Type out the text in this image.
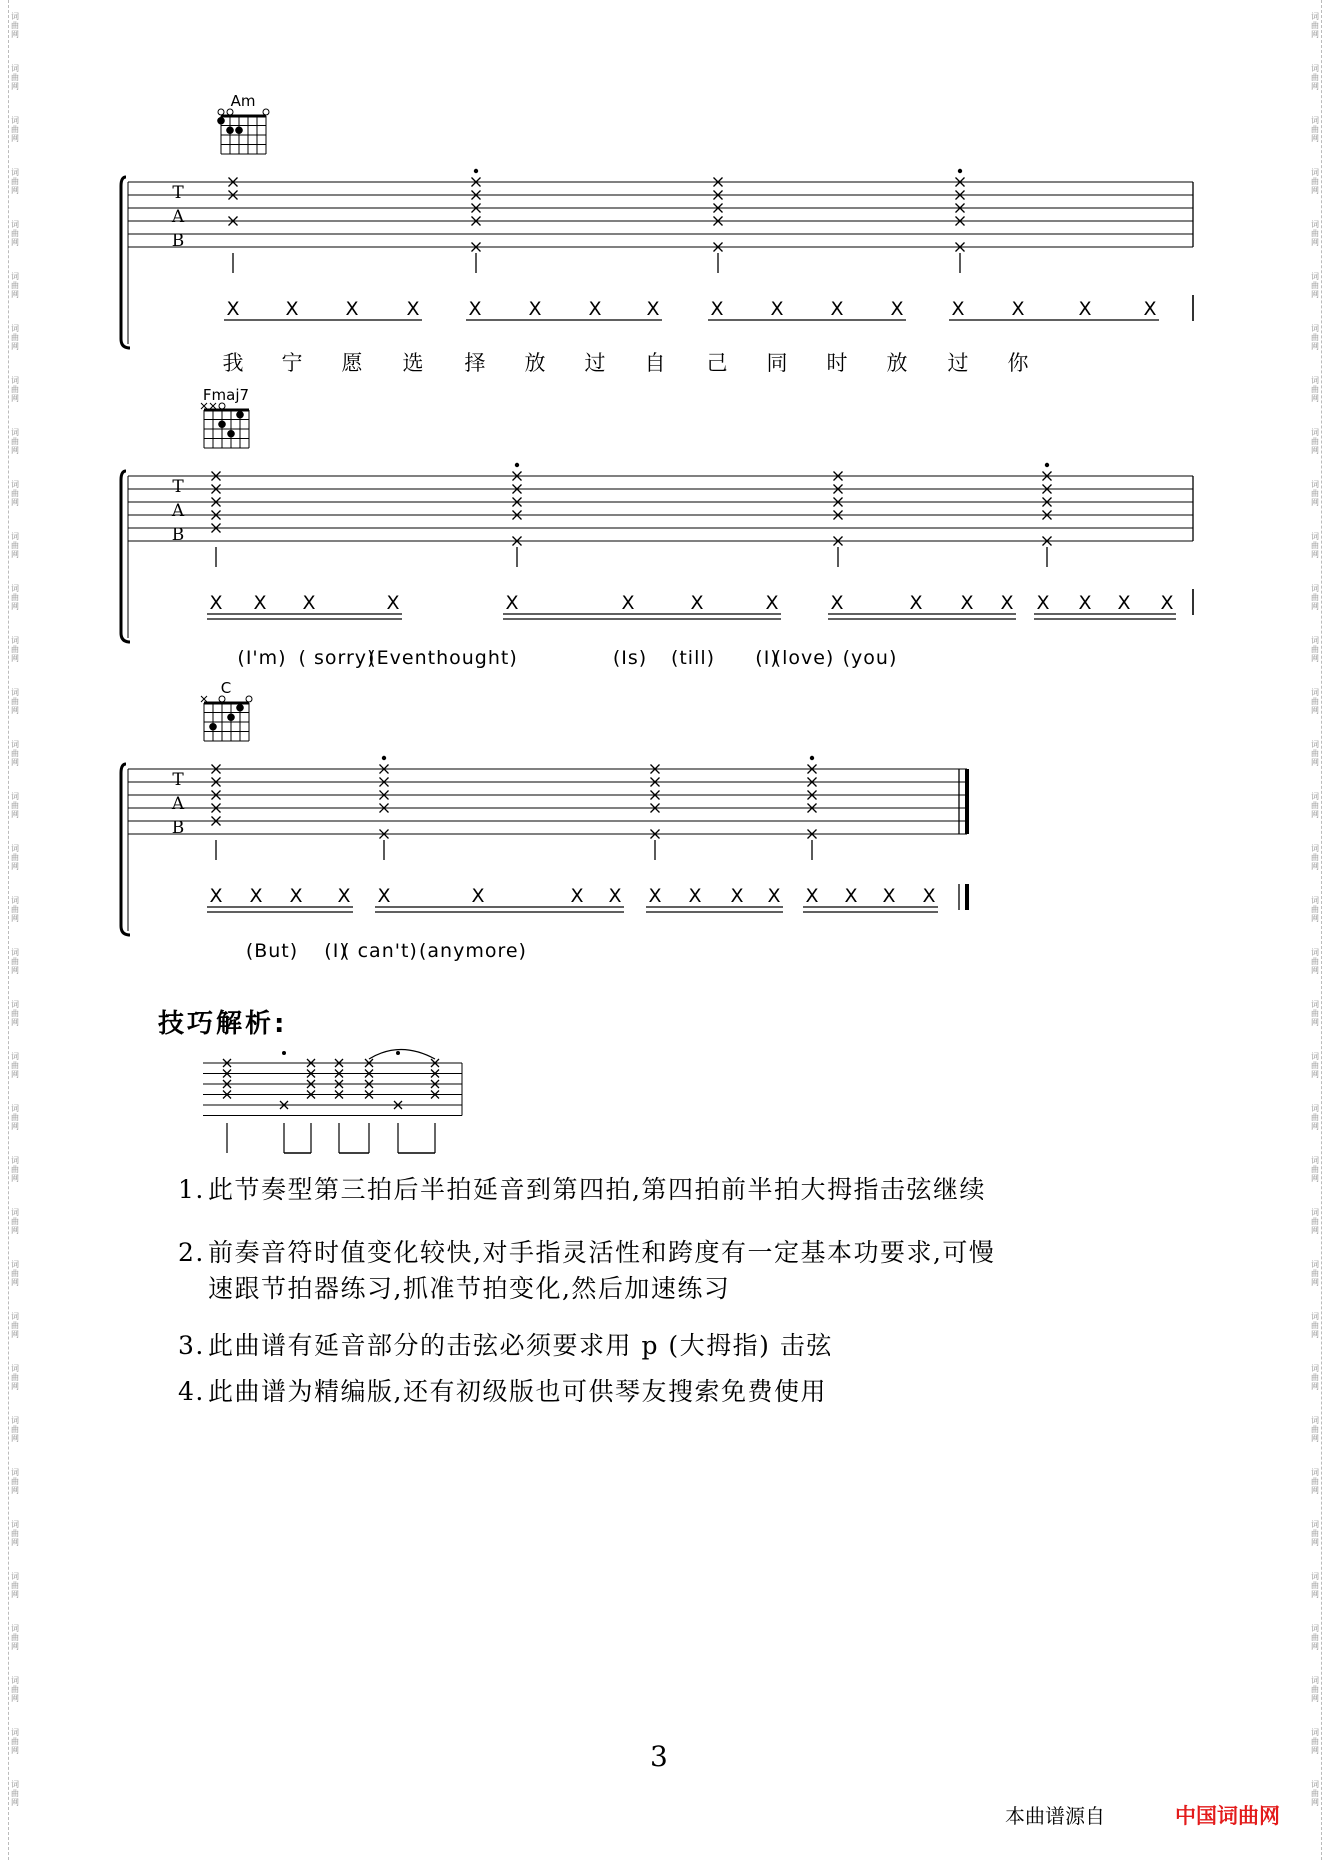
词
曲
网
词
曲
网
词
曲
网
词
曲
网
词
曲
网
词
曲
网
词
曲
网
词
曲
网
词
曲
网
词
曲
网
词
曲
网
词
曲
网
词
曲
网
词
曲
网
词
曲
网
词
曲
网
词
曲
网
词
曲
网
词
曲
网
词
曲
网
词
曲
网
词
曲
网
词
曲
网
词
曲
网
词
曲
网
词
曲
网
词
曲
网
词
曲
网
词
曲
网
词
曲
网
词
曲
网
词
曲
网
词
曲
网
词
曲
网
词
曲
网
词
曲
网
词
曲
网
词
曲
网
词
曲
网
词
曲
网
词
曲
网
词
曲
网
词
曲
网
词
曲
网
词
曲
网
词
曲
网
词
曲
网
词
曲
网
词
曲
网
词
曲
网
词
曲
网
词
曲
网
词
曲
网
词
曲
网
词
曲
网
词
曲
网
词
曲
网
词
曲
网
词
曲
网
词
曲
网
词
曲
网
词
曲
网
词
曲
网
词
曲
网
词
曲
网
词
曲
网
词
曲
网
词
曲
网
词
曲
网
词
曲
网
T
A
B
Am
X X X	X	X X X X	X X X X	X X	X	X
我 宁 愿 选 择 放 过 自 己 同 时 放 过 你
T
A
B
Fmaj7
X X X	X	X	X	X	X	X	X X X X X X X
(I'm) ( sorry)
(Eventhought)	(Is) (till) (I)
(love) (you)
T
A
B
C
X X X X X	X	X X X X X X X X X X
(But) (I)
( can't) (anymore)
技巧解析:
1. 此节奏型第三拍后半拍延音到第四拍,第四拍前半拍大拇指击弦继续
2. 前奏音符时值变化较快,对手指灵活性和跨度有一定基本功要求,可慢
速跟节拍器练习,抓准节拍变化,然后加速练习
3. 此曲谱有延音部分的击弦必须要求用 p (大拇指) 击弦
4. 此曲谱为精编版,还有初级版也可供琴友搜索免费使用
3
本曲谱源自	中国词曲网
